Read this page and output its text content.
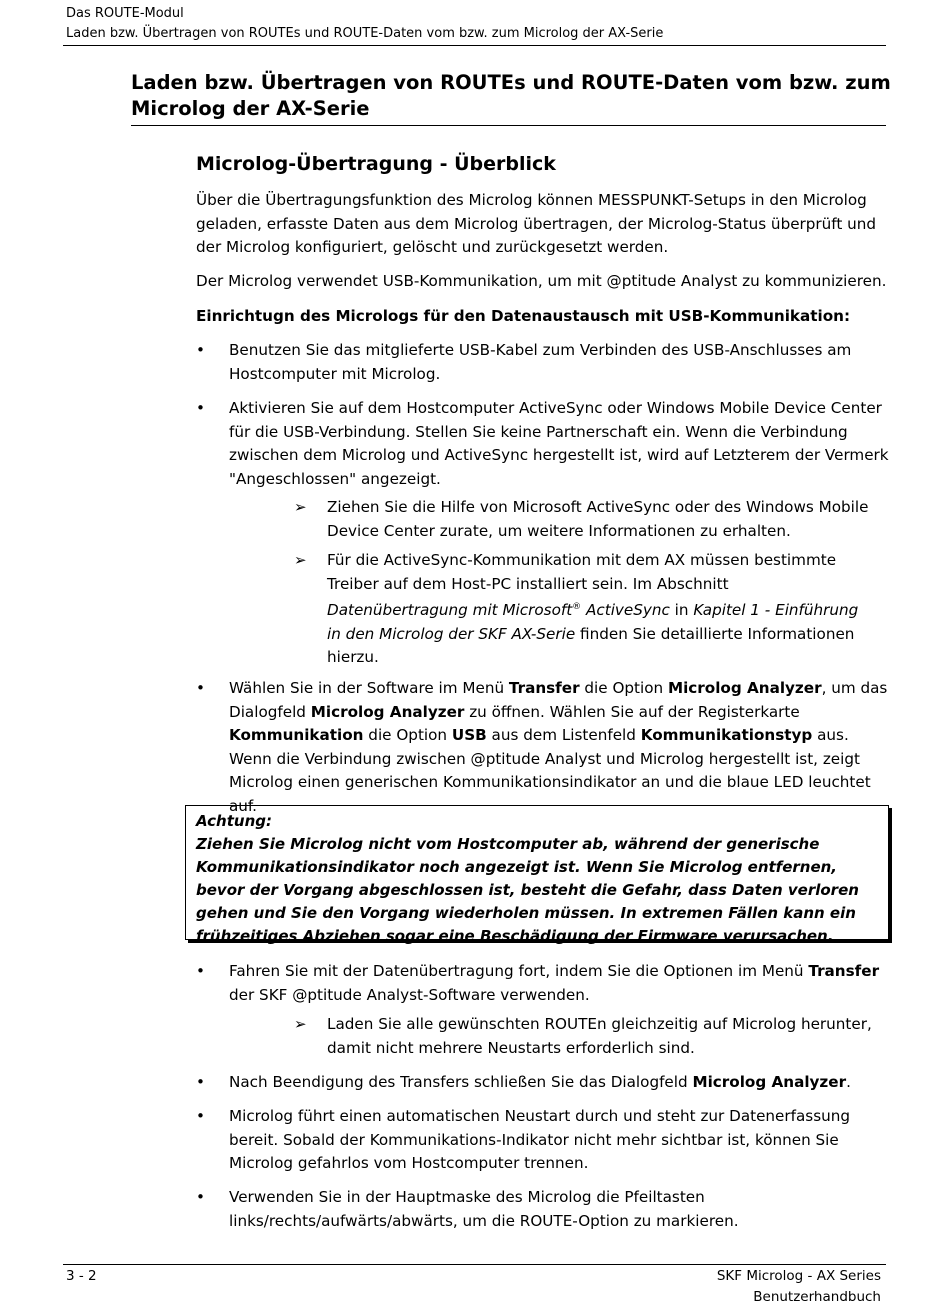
Das ROUTE-Modul
Laden bzw. Übertragen von ROUTEs und ROUTE-Daten vom bzw. zum Microlog der AX-Serie
Laden bzw. Übertragen von ROUTEs und ROUTE-Daten vom bzw. zum Microlog der AX-Serie
Microlog-Übertragung - Überblick
Über die Übertragungsfunktion des Microlog können MESSPUNKT-Setups in den Microlog geladen, erfasste Daten aus dem Micrоlog übertragen, der Micrоlog-Status überprüft und der Microlog konfiguriert, gelöscht und zurückgesetzt werden.
Der Microlog verwendet USB-Kommunikation, um mit @ptitude Analyst zu kommunizieren.
Einrichtugn des Micrologs für den Datenaustausch mit USB-Kommunikation:
• Benutzen Sie das mitglieferte USB-Kabel zum Verbinden des USB-Anschlusses am Hostcomputer mit Microlog.
• Aktivieren Sie auf dem Hostcomputer ActiveSync oder Windows Mobile Device Center für die USB-Verbindung. Stellen Sie keine Partnerschaft ein. Wenn die Verbindung zwischen dem Microlog und ActiveSync hergestellt ist, wird auf Letzterem der Vermerk "Angeschlossen" angezeigt.
➢ Ziehen Sie die Hilfe von Microsoft ActiveSync oder des Windows Mobile Device Center zurate, um weitere Informationen zu erhalten.
➢ Für die ActiveSync-Kommunikation mit dem AX müssen bestimmte Treiber auf dem Host-PC installiert sein. Im Abschnitt Datenübertragung mit Microsoft® ActiveSync in Kapitel 1 - Einführung in den Micrоlog der SKF AX-Serie finden Sie detaillierte Informationen hierzu.
• Wählen Sie in der Software im Menü Transfer die Option Microlog Analyzer, um das Dialogfeld Microlog Analyzer zu öffnen. Wählen Sie auf der Registerkarte Kommunikation die Option USB aus dem Listenfeld Kommunikationstyp aus. Wenn die Verbindung zwischen @ptitude Analyst und Microlog hergestellt ist, zeigt Microlog einen generischen Kommunikationsindikator an und die blaue LED leuchtet auf.
Achtung:
Ziehen Sie Microlog nicht vom Hostcomputer ab, während der generische Kommunikationsindikator noch angezeigt ist. Wenn Sie Microlog entfernen, bevor der Vorgang abgeschlossen ist, besteht die Gefahr, dass Daten verloren gehen und Sie den Vorgang wiederholen müssen. In extremen Fällen kann ein frühzeitiges Abziehen sogar eine Beschädigung der Firmware verursachen.
• Fahren Sie mit der Datenübertragung fort, indem Sie die Optionen im Menü Transfer der SKF @ptitude Analyst-Software verwenden.
➢ Laden Sie alle gewünschten ROUTEn gleichzeitig auf Microlog herunter, damit nicht mehrere Neustarts erforderlich sind.
• Nach Beendigung des Transfers schließen Sie das Dialogfeld Microlog Analyzer.
• Microlog führt einen automatischen Neustart durch und steht zur Datenerfassung bereit. Sobald der Kommunikations-Indikator nicht mehr sichtbar ist, können Sie Microlog gefahrlos vom Hostcomputer trennen.
• Verwenden Sie in der Hauptmaske des Microlog die Pfeiltasten links/rechts/aufwärts/abwärts, um die ROUTE-Option zu markieren.
3 - 2	SKF Microlog - AX Series
Benutzerhandbuch
